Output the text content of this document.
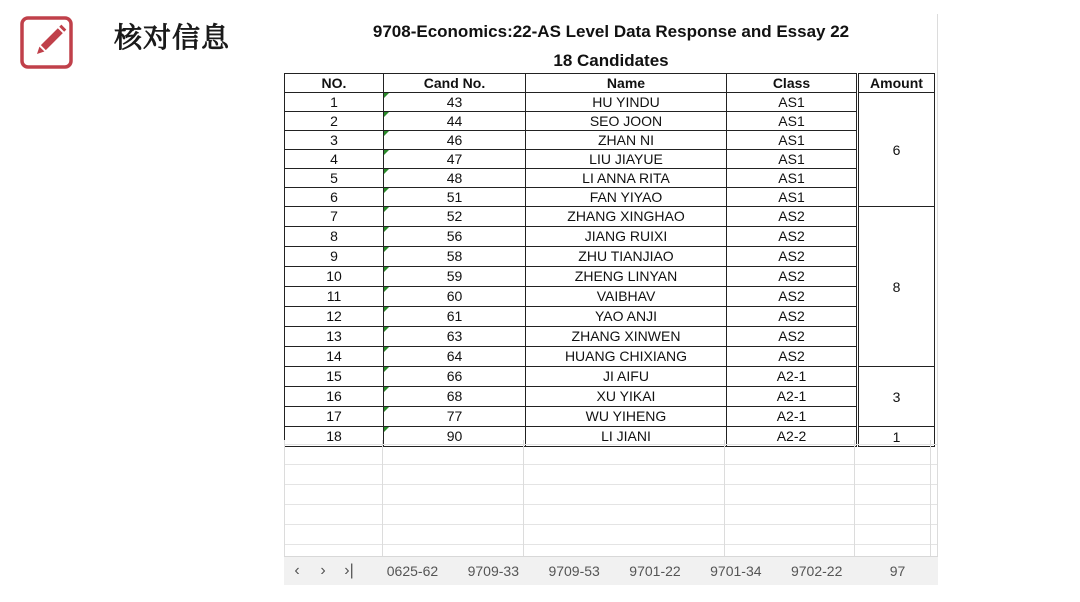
核对信息	9708-Economics:22-AS Level Data Response and Essay 22
18 Candidates
NO.	Cand No.	Name	Class		Amount
1	43	HU YINDU	AS1		6
2	44	SEO JOON	AS1		
3	46	ZHAN NI	AS1		
4	47	LIU JIAYUE	AS1		
5	48	LI ANNA RITA	AS1		
6	51	FAN YIYAO	AS1		
7	52	ZHANG XINGHAO	AS2		8
8	56	JIANG RUIXI	AS2		
9	58	ZHU TIANJIAO	AS2		
10	59	ZHENG LINYAN	AS2		
11	60	VAIBHAV	AS2		
12	61	YAO ANJI	AS2		
13	63	ZHANG XINWEN	AS2		
14	64	HUANG CHIXIANG	AS2		
15	66	JI AIFU	A2-1		3
16	68	XU YIKAI	A2-1		
17	77	WU YIHENG	A2-1		
18	90	LI JIANI	A2-2		1
‹	›	›|	0625-62	9709-33	9709-53	9701-22	9701-34	9702-22	97
